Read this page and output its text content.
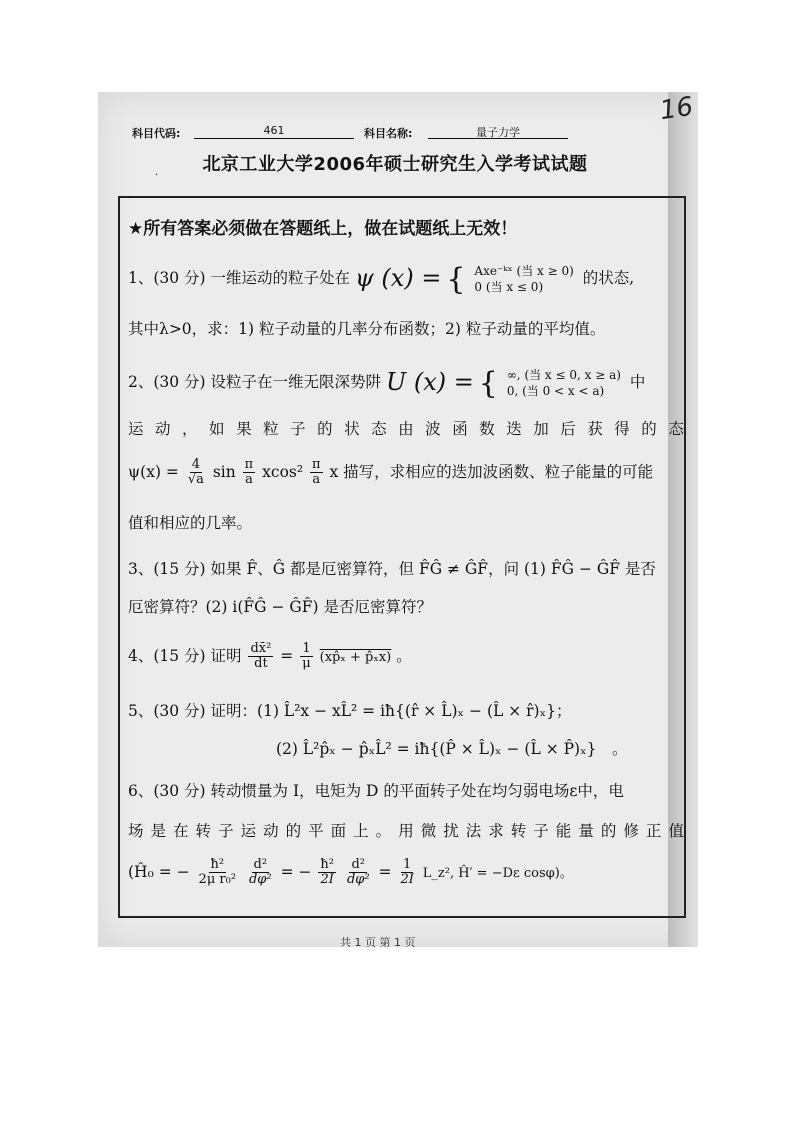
16
科目代码:	461	科目名称:	量子力学
·
北京工业大学2006年硕士研究生入学考试试题
★所有答案必须做在答题纸上，做在试题纸上无效！
1、(30 分) 一维运动的粒子处在 ψ (x) = { Axe⁻ᵏˣ (当 x ≥ 0)
0 (当 x ≤ 0)	的状态,
其中λ>0，求：1) 粒子动量的几率分布函数；2) 粒子动量的平均值。
2、(30 分) 设粒子在一维无限深势阱 U (x) = { ∞, (当 x ≤ 0, x ≥ a)
0, (当 0 < x < a)	中
运 动 ， 如 果 粒 子 的 状 态 由 波 函 数 迭 加 后 获 得 的 态
$\psi(x) = \frac{4}{√a}$ $\sin \frac{\pi}{a} xcos^2 \frac{\pi}{a}$ x 描写，求相应的迭加波函数、粒子能量的可能
值和相应的几率。
3、(15 分) 如果 F̂、Ĝ 都是厄密算符，但 F̂Ĝ ≠ ĜF̂，问 (1) F̂Ĝ − ĜF̂ 是否
厄密算符？(2) i(F̂Ĝ − ĜF̂) 是否厄密算符？
4、(15 分) 证明 $\frac{\text{dx̄²}}{dt} = \frac{1}{\mu}$ (xp̂ₓ + p̂ₓx) 。
5、(30 分) 证明：(1) L̂²x − xL̂² = iħ{(r̂ × L̂)ₓ − (L̂ × r̂)ₓ}；
(2) L̂²p̂ₓ − p̂ₓL̂² = iħ{(P̂ × L̂)ₓ − (L̂ × P̂)ₓ}　。
6、(30 分) 转动惯量为 I，电矩为 D 的平面转子处在均匀弱电场ε中，电
场 是 在 转 子 运 动 的 平 面 上 。 用 微 扰 法 求 转 子 能 量 的 修 正 值
(Ĥ₀ = − $\frac{\text{ħ²}}{\text{2μ r₀²}}$
$\frac{\text{d²}}{\text{dφ²}}$ = − $\frac{\text{ħ²}}{2I}$
$\frac{\text{d²}}{\text{dφ²}} = \frac{1}{2I}$ L_z², Ĥ′ = −Dε cosφ)。
共 1 页 第 1 页
